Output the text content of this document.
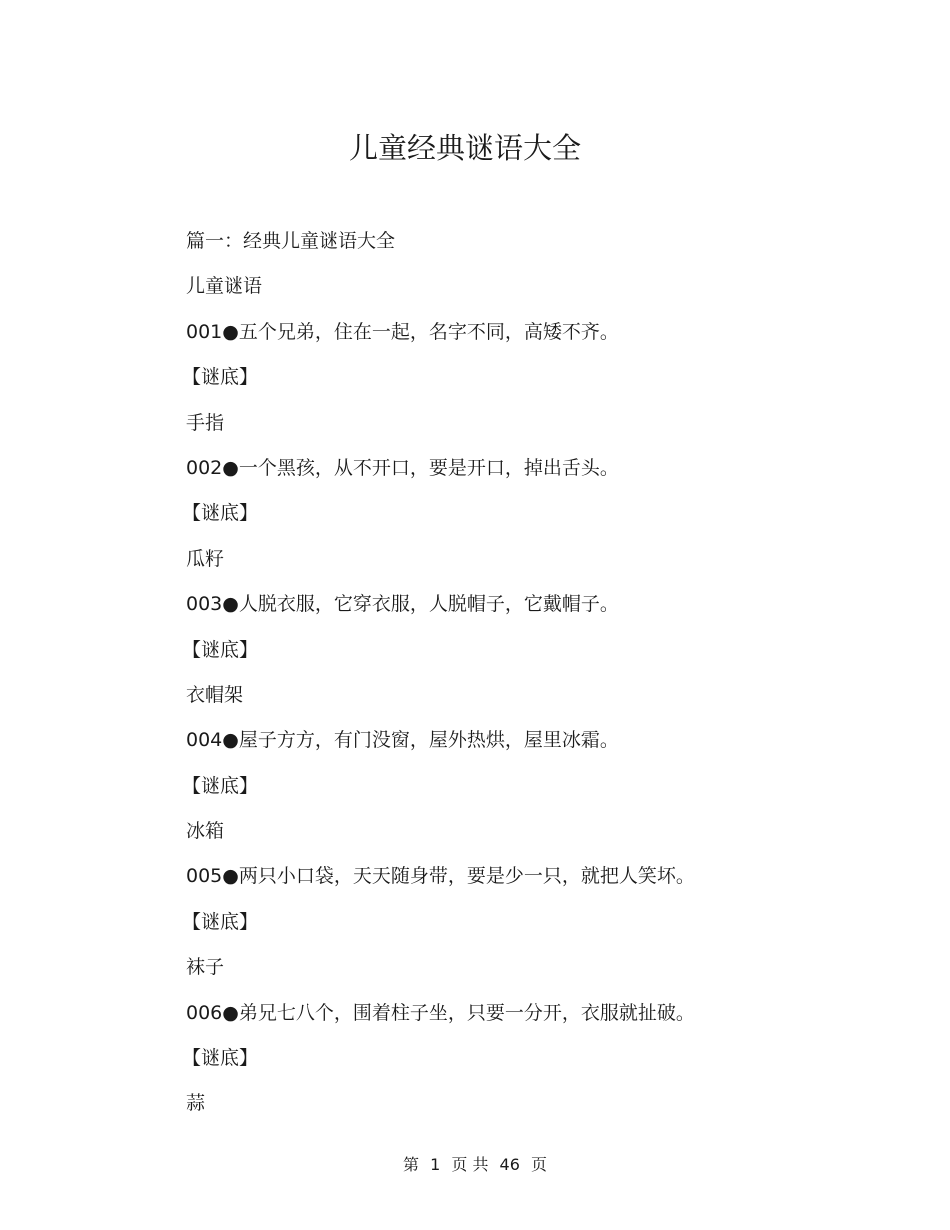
儿童经典谜语大全
篇一：经典儿童谜语大全
儿童谜语
001●五个兄弟，住在一起，名字不同，高矮不齐。
【谜底】
手指
002●一个黑孩，从不开口，要是开口，掉出舌头。
【谜底】
瓜籽
003●人脱衣服，它穿衣服，人脱帽子，它戴帽子。
【谜底】
衣帽架
004●屋子方方，有门没窗，屋外热烘，屋里冰霜。
【谜底】
冰箱
005●两只小口袋，天天随身带，要是少一只，就把人笑坏。
【谜底】
袜子
006●弟兄七八个，围着柱子坐，只要一分开，衣服就扯破。
【谜底】
蒜
第 1 页 共 46 页
